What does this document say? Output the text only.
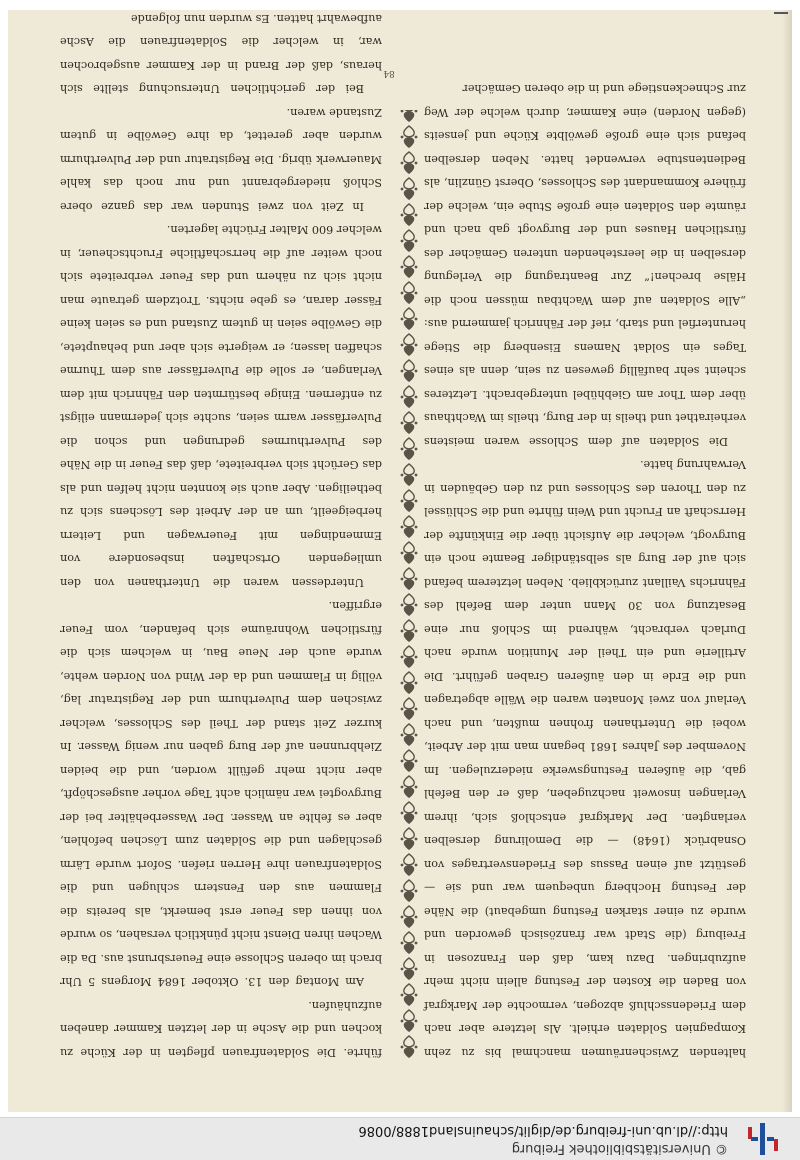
© Universitätsbibliothek Freiburg
http://dl.ub.uni-freiburg.de/diglit/schauinsland1888/0086

haltenden Zwischenräumen manchmal bis zu zehn Kompagnien Soldaten erhielt. Als letztere aber nach dem Friedensschluß abzogen, vermochte der Markgraf von Baden die Kosten der Festung allein nicht mehr aufzubringen. Dazu kam, daß den Franzosen in Freiburg (die Stadt war französisch geworden und wurde zu einer starken Festung umgebaut) die Nähe der Festung Hochberg unbequem war und sie — gestützt auf einen Passus des Friedensvertrages von Osnabrück (1648) — die Demolirung derselben verlangten. Der Markgraf entschloß sich, ihrem Verlangen insoweit nachzugeben, daß er den Befehl gab, die äußeren Festungswerke niederzulegen. Im November des Jahres 1681 begann man mit der Arbeit, wobei die Unterthanen frohnen mußten, und nach Verlauf von zwei Monaten waren die Wälle abgetragen und die Erde in den äußeren Graben geführt. Die Artillerie und ein Theil der Munition wurde nach Durlach verbracht, während im Schloß nur eine Besatzung von 30 Mann unter dem Befehl des Fähnrichs Vaillant zurückblieb. Neben letzterem befand sich auf der Burg als selbständiger Beamte noch ein Burgvogt, welcher die Aufsicht über die Einkünfte der Herrschaft an Frucht und Wein führte und die Schlüssel zu den Thoren des Schlosses und zu den Gebäuden in Verwahrung hatte.

Die Soldaten auf dem Schlosse waren meistens verheirathet und theils in der Burg, theils im Wachthaus über dem Thor am Giebhübel untergebracht. Letzteres scheint sehr baufällig gewesen zu sein, denn als eines Tages ein Soldat Namens Eisenberg die Stiege herunterfiel und starb, rief der Fähnrich jammernd aus: „Alle Soldaten auf dem Wachtbau müssen noch die Hälse brechen!“ Zur Beantragung die Verlegung derselben in die leerstehenden unteren Gemächer des fürstlichen Hauses und der Burgvogt gab nach und räumte den Soldaten eine große Stube ein, welche der frühere Kommandant des Schlosses, Oberst Günzlin, als Bedientenstube verwendet hatte. Neben derselben befand sich eine große gewölbte Küche und jenseits (gegen Norden) eine Kammer, durch welche der Weg zur Schneckenstiege und in die oberen Gemächer

führte. Die Soldatenfrauen pflegten in der Küche zu kochen und die Asche in der letzten Kammer daneben aufzuhäufen.

Am Montag den 13. Oktober 1684 Morgens 5 Uhr brach im oberen Schlosse eine Feuersbrunst aus. Da die Wachen ihren Dienst nicht pünktlich versahen, so wurde von ihnen das Feuer erst bemerkt, als bereits die Flammen aus den Fenstern schlugen und die Soldatenfrauen ihre Herren riefen. Sofort wurde Lärm geschlagen und die Soldaten zum Löschen befohlen, aber es fehlte an Wasser. Der Wasserbehälter bei der Burgvogtei war nämlich acht Tage vorher ausgeschöpft, aber nicht mehr gefüllt worden, und die beiden Ziehbrunnen auf der Burg gaben nur wenig Wasser. In kurzer Zeit stand der Theil des Schlosses, welcher zwischen dem Pulverthurm und der Registratur lag, völlig in Flammen und da der Wind von Norden wehte, wurde auch der Neue Bau, in welchem sich die fürstlichen Wohnräume sich befanden, vom Feuer ergriffen.

Unterdessen waren die Unterthanen von den umliegenden Ortschaften insbesondere von Emmendingen mit Feuerwagen und Leitern herbeigeeilt, um an der Arbeit des Löschens sich zu betheiligen. Aber auch sie konnten nicht helfen und als das Gerücht sich verbreitete, daß das Feuer in die Nähe des Pulverthurmes gedrungen und schon die Pulverfässer warm seien, suchte sich jedermann eiligst zu entfernen. Einige bestürmten den Fähnrich mit dem Verlangen, er solle die Pulverfässer aus dem Thurme schaffen lassen; er weigerte sich aber und behauptete, die Gewölbe seien in gutem Zustand und es seien keine Fässer daran, es gebe nichts. Trotzdem getraute man nicht sich zu nähern und das Feuer verbreitete sich noch weiter auf die herrschaftliche Fruchtscheuer, in welcher 600 Malter Früchte lagerten.

In Zeit von zwei Stunden war das ganze obere Schloß niedergebrannt und nur noch das kahle Mauerwerk übrig. Die Registratur und der Pulverthurm wurden aber gerettet, da ihre Gewölbe in gutem Zustande waren.

Bei der gerichtlichen Untersuchung stellte sich heraus, daß der Brand in der Kammer ausgebrochen war, in welcher die Soldatenfrauen die Asche aufbewahrt hatten. Es wurden nun folgende

84
